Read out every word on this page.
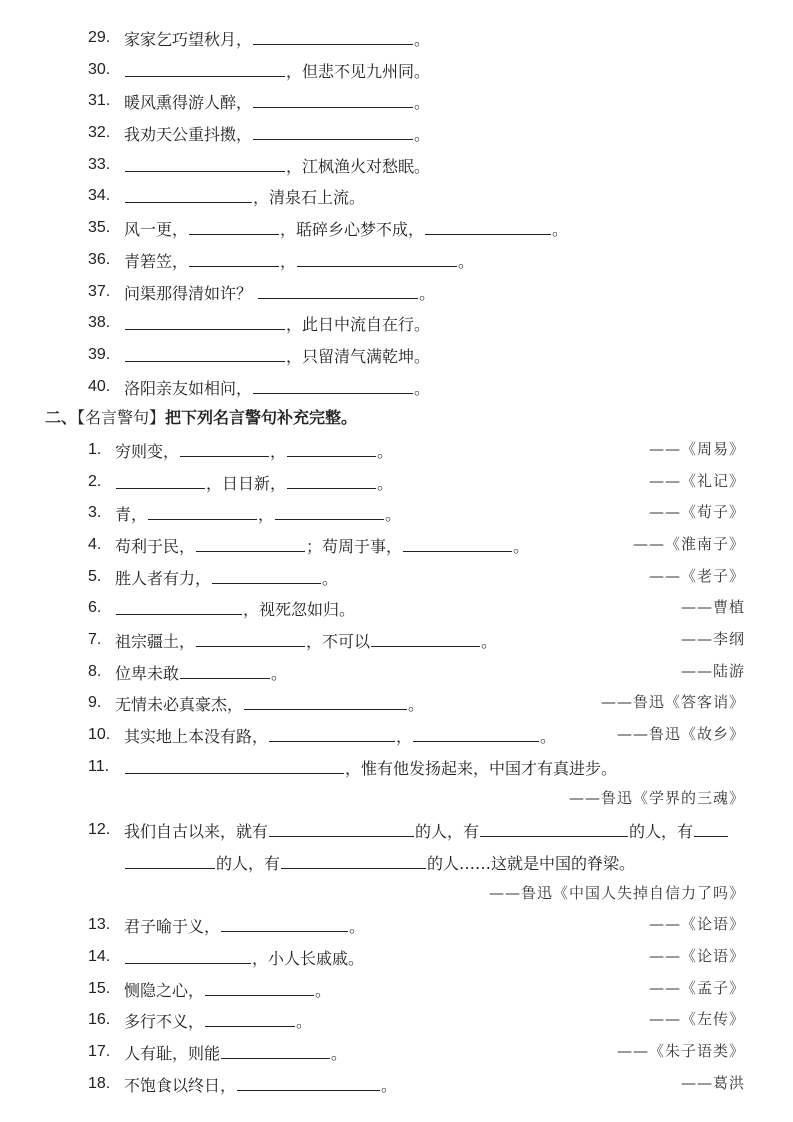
29. 家家乞巧望秋月，	。
30.	，但悲不见九州同。
31. 暖风熏得游人醉，	。
32. 我劝天公重抖擞，	。
33.	，江枫渔火对愁眠。
34.	，清泉石上流。
35. 风一更，	，聒碎乡心梦不成，	。
36. 青箬笠，	，	。
37. 问渠那得清如许？	。
38.	，此日中流自在行。
39.	，只留清气满乾坤。
40. 洛阳亲友如相问，	。
二、【名言警句】把下列名言警句补充完整。
1. 穷则变，	，	。	——《周易》
2.	，日日新，	。	——《礼记》
3. 青，	，	。	——《荀子》
4. 苟利于民，	；苟周于事，	。	——《淮南子》
5. 胜人者有力，	。	——《老子》
6.	，视死忽如归。	——曹植
7. 祖宗疆土，	，不可以	。	——李纲
8. 位卑未敢	。	——陆游
9. 无情未必真豪杰，	。	——鲁迅《答客诮》
10. 其实地上本没有路，	，	。	——鲁迅《故乡》
11.	，惟有他发扬起来，中国才有真进步。
——鲁迅《学界的三魂》
12. 我们自古以来，就有	的人，有	的人，有
的人，有	的人……这就是中国的脊梁。
——鲁迅《中国人失掉自信力了吗》
13. 君子喻于义，	。	——《论语》
14.	，小人长戚戚。	——《论语》
15. 恻隐之心，	。	——《孟子》
16. 多行不义，	。	——《左传》
17. 人有耻，则能	。	——《朱子语类》
18. 不饱食以终日，	。	——葛洪
